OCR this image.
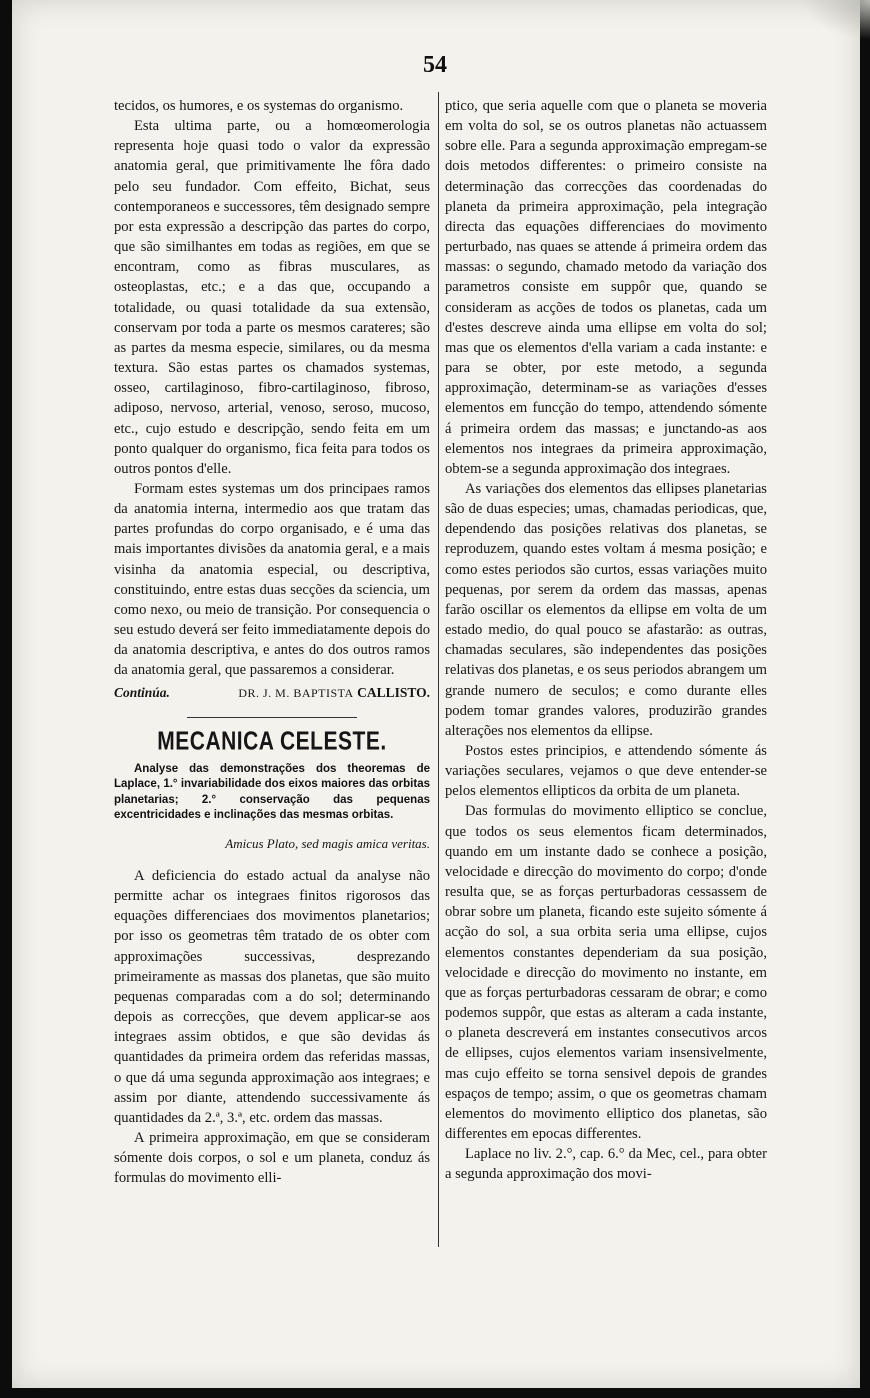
54

tecidos, os humores, e os systemas do organismo.

Esta ultima parte, ou a homœomerologia representa hoje quasi todo o valor da expressão anatomia geral, que primitivamente lhe fôra dado pelo seu fundador. Com effeito, Bichat, seus contemporaneos e successores, têm designado sempre por esta expressão a descripção das partes do corpo, que são similhantes em todas as regiões, em que se encontram, como as fibras musculares, as osteoplastas, etc.; e a das que, occupando a totalidade, ou quasi totalidade da sua extensão, conservam por toda a parte os mesmos carateres; são as partes da mesma especie, similares, ou da mesma textura. São estas partes os chamados systemas, osseo, cartilaginoso, fibro-cartilaginoso, fibroso, adiposo, nervoso, arterial, venoso, seroso, mucoso, etc., cujo estudo e descripção, sendo feita em um ponto qualquer do organismo, fica feita para todos os outros pontos d'elle.

Formam estes systemas um dos principaes ramos da anatomia interna, intermedio aos que tratam das partes profundas do corpo organisado, e é uma das mais importantes divisões da anatomia geral, e a mais visinha da anatomia especial, ou descriptiva, constituindo, entre estas duas secções da sciencia, um como nexo, ou meio de transição. Por consequencia o seu estudo deverá ser feito immediatamente depois do da anatomia descriptiva, e antes do dos outros ramos da anatomia geral, que passaremos a considerar.

Continúa.	DR. J. M. BAPTISTA CALLISTO.
MECANICA CELESTE.

Analyse das demonstrações dos theoremas de Laplace, 1.° invariabilidade dos eixos maiores das orbitas planetarias; 2.° conservação das pequenas excentricidades e inclinações das mesmas orbitas.

Amicus Plato, sed magis amica veritas.

A deficiencia do estado actual da analyse não permitte achar os integraes finitos rigorosos das equações differenciaes dos movimentos planetarios; por isso os geometras têm tratado de os obter com approximações successivas, desprezando primeiramente as massas dos planetas, que são muito pequenas comparadas com a do sol; determinando depois as correcções, que devem applicar-se aos integraes assim obtidos, e que são devidas ás quantidades da primeira ordem das referidas massas, o que dá uma segunda approximação aos integraes; e assim por diante, attendendo successivamente ás quantidades da 2.ª, 3.ª, etc. ordem das massas.

A primeira approximação, em que se consideram sómente dois corpos, o sol e um planeta, conduz ás formulas do movimento elli-

ptico, que seria aquelle com que o planeta se moveria em volta do sol, se os outros planetas não actuassem sobre elle. Para a segunda approximação empregam-se dois metodos differentes: o primeiro consiste na determinação das correcções das coordenadas do planeta da primeira approximação, pela integração directa das equações differenciaes do movimento perturbado, nas quaes se attende á primeira ordem das massas: o segundo, chamado metodo da variação dos parametros consiste em suppôr que, quando se consideram as acções de todos os planetas, cada um d'estes descreve ainda uma ellipse em volta do sol; mas que os elementos d'ella variam a cada instante: e para se obter, por este metodo, a segunda approximação, determinam-se as variações d'esses elementos em funcção do tempo, attendendo sómente á primeira ordem das massas; e junctando-as aos elementos nos integraes da primeira approximação, obtem-se a segunda approximação dos integraes.

As variações dos elementos das ellipses planetarias são de duas especies; umas, chamadas periodicas, que, dependendo das posições relativas dos planetas, se reproduzem, quando estes voltam á mesma posição; e como estes periodos são curtos, essas variações muito pequenas, por serem da ordem das massas, apenas farão oscillar os elementos da ellipse em volta de um estado medio, do qual pouco se afastarão: as outras, chamadas seculares, são independentes das posições relativas dos planetas, e os seus periodos abrangem um grande numero de seculos; e como durante elles podem tomar grandes valores, produzirão grandes alterações nos elementos da ellipse.

Postos estes principios, e attendendo sómente ás variações seculares, vejamos o que deve entender-se pelos elementos ellipticos da orbita de um planeta.

Das formulas do movimento elliptico se conclue, que todos os seus elementos ficam determinados, quando em um instante dado se conhece a posição, velocidade e direcção do movimento do corpo; d'onde resulta que, se as forças perturbadoras cessassem de obrar sobre um planeta, ficando este sujeito sómente á acção do sol, a sua orbita seria uma ellipse, cujos elementos constantes dependeriam da sua posição, velocidade e direcção do movimento no instante, em que as forças perturbadoras cessaram de obrar; e como podemos suppôr, que estas as alteram a cada instante, o planeta descreverá em instantes consecutivos arcos de ellipses, cujos elementos variam insensivelmente, mas cujo effeito se torna sensivel depois de grandes espaços de tempo; assim, o que os geometras chamam elementos do movimento elliptico dos planetas, são differentes em epocas differentes.

Laplace no liv. 2.°, cap. 6.° da Mec, cel., para obter a segunda approximação dos movi-
